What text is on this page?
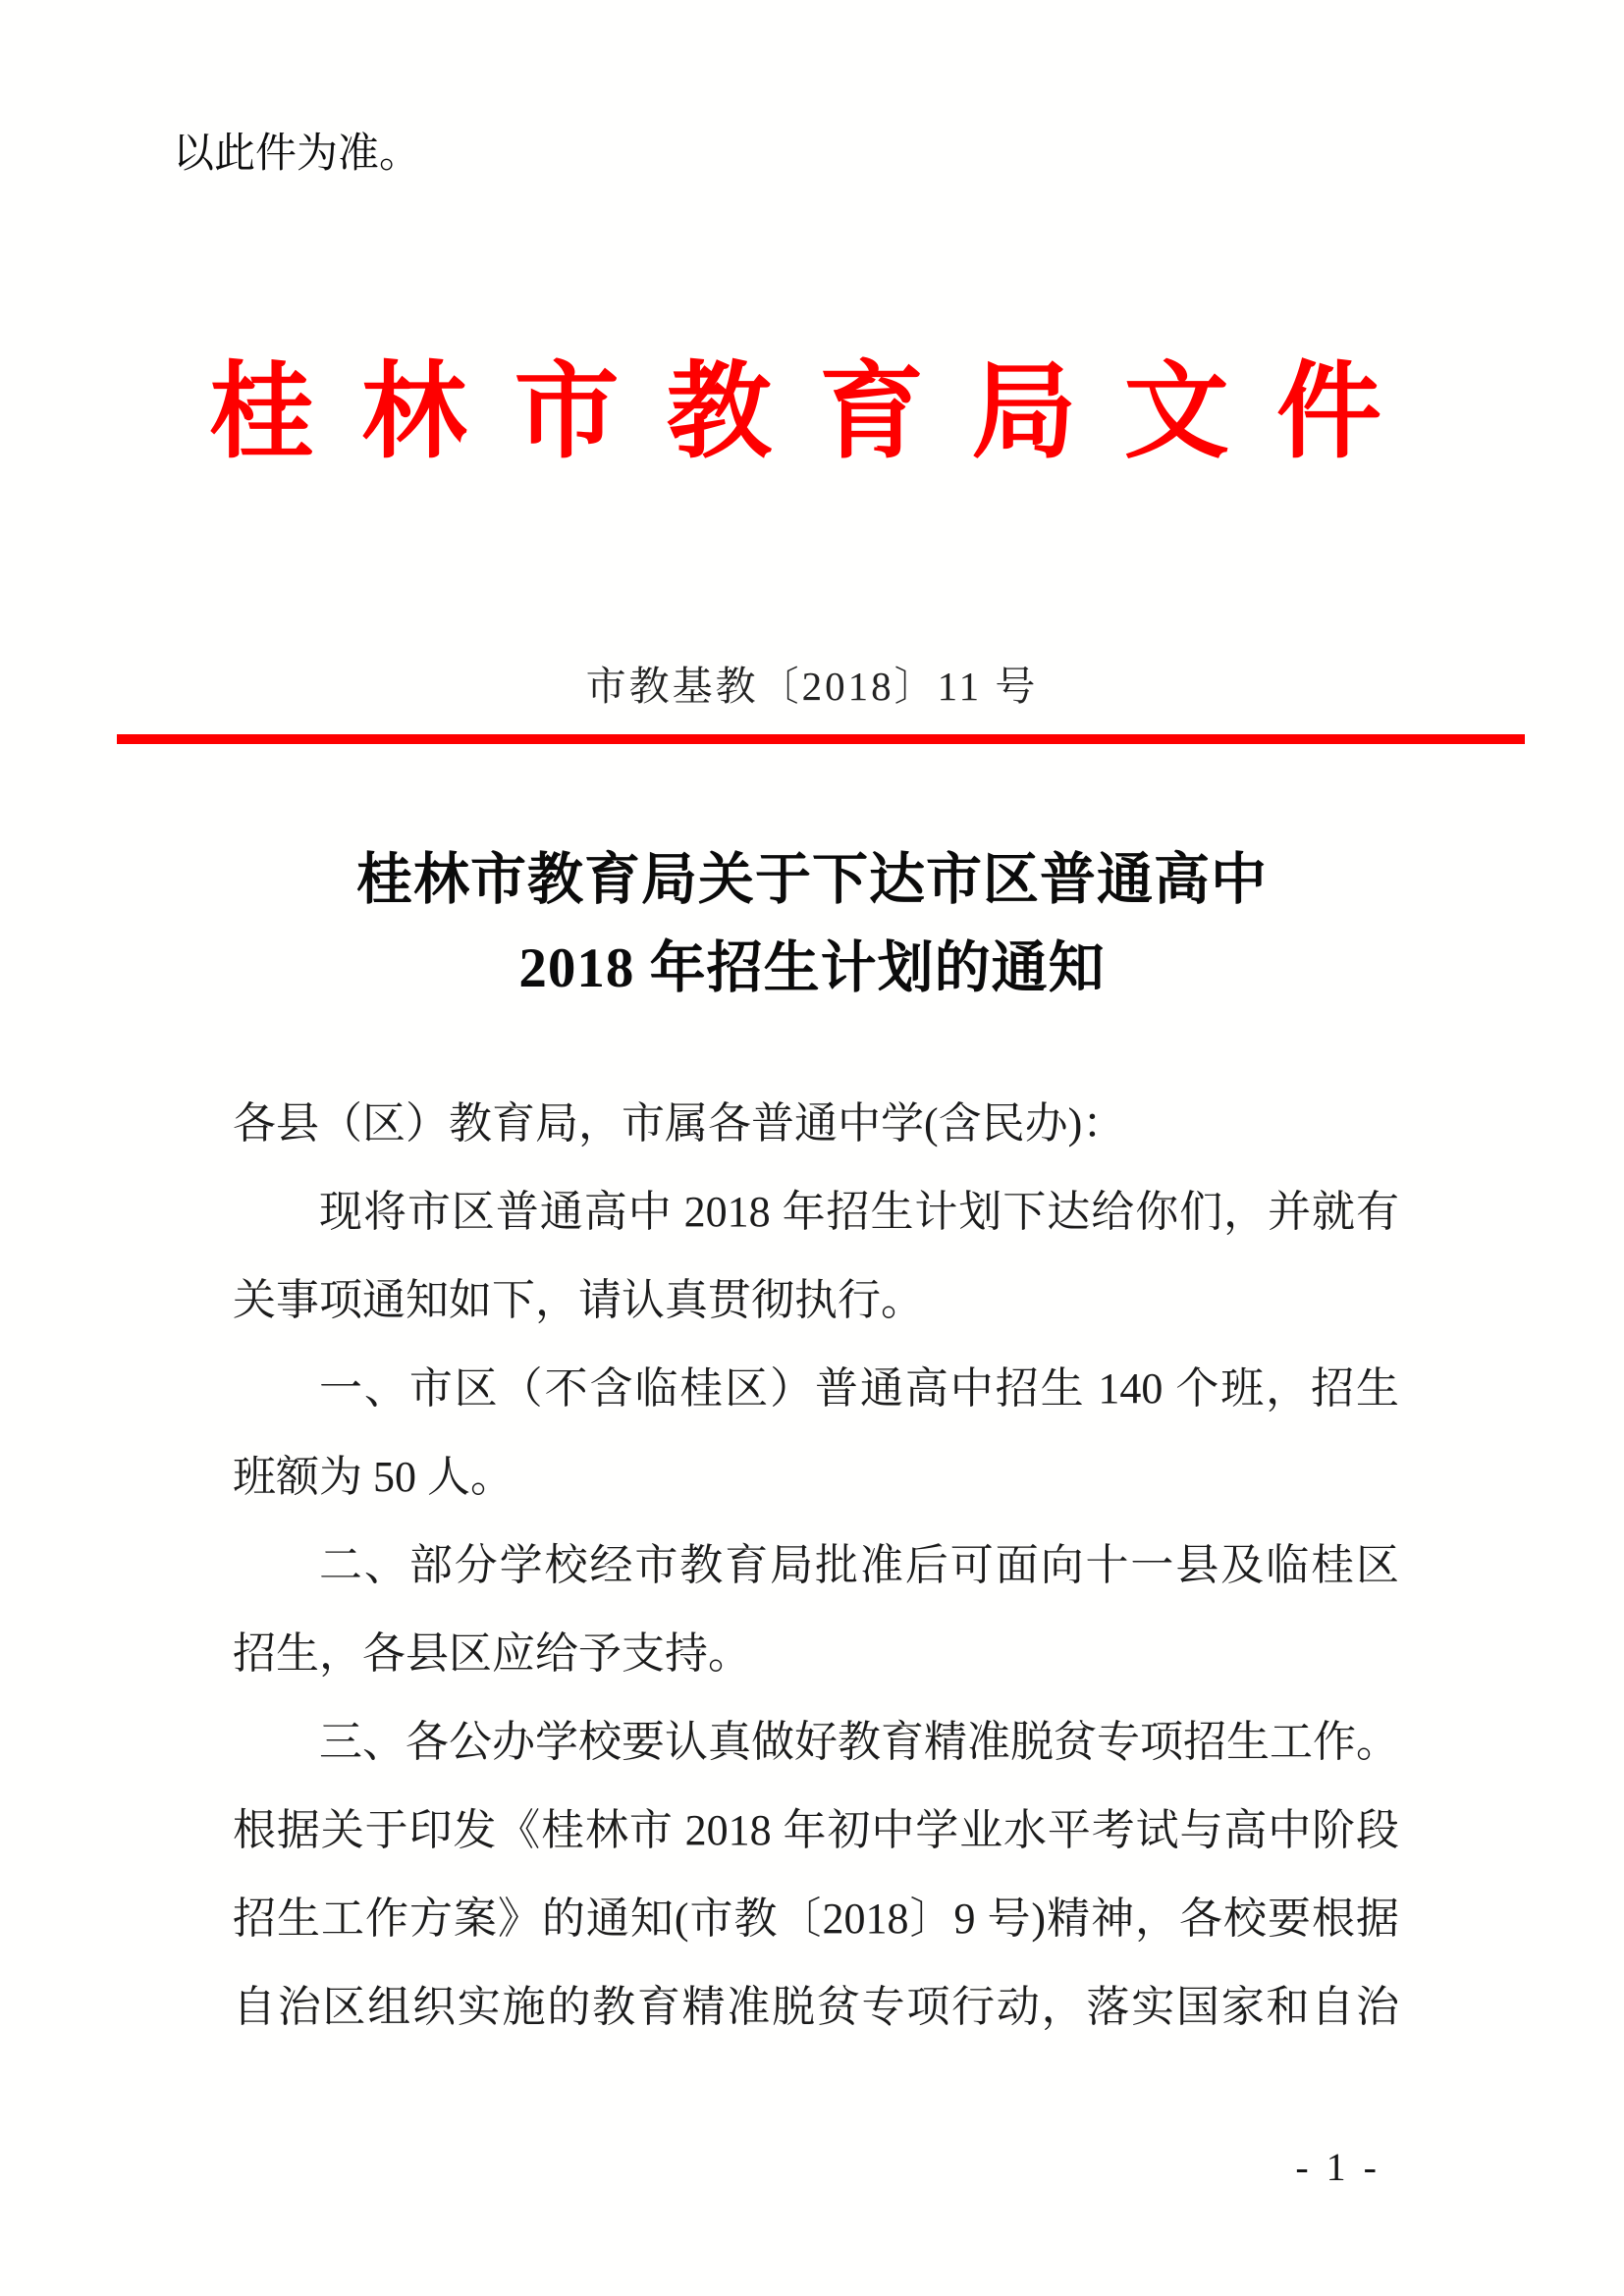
以此件为准。
桂 林 市 教 育 局 文 件
市教基教〔2018〕11 号
桂林市教育局关于下达市区普通高中
2018 年招生计划的通知
各县（区）教育局，市属各普通中学(含民办)：
现将市区普通高中 2018 年招生计划下达给你们，并就有
关事项通知如下，请认真贯彻执行。
一、市区（不含临桂区）普通高中招生 140 个班，招生
班额为 50 人。
二、部分学校经市教育局批准后可面向十一县及临桂区
招生，各县区应给予支持。
三、各公办学校要认真做好教育精准脱贫专项招生工作。
根据关于印发《桂林市 2018 年初中学业水平考试与高中阶段
招生工作方案》的通知(市教〔2018〕9 号)精神，各校要根据
自治区组织实施的教育精准脱贫专项行动，落实国家和自治
- 1 -
